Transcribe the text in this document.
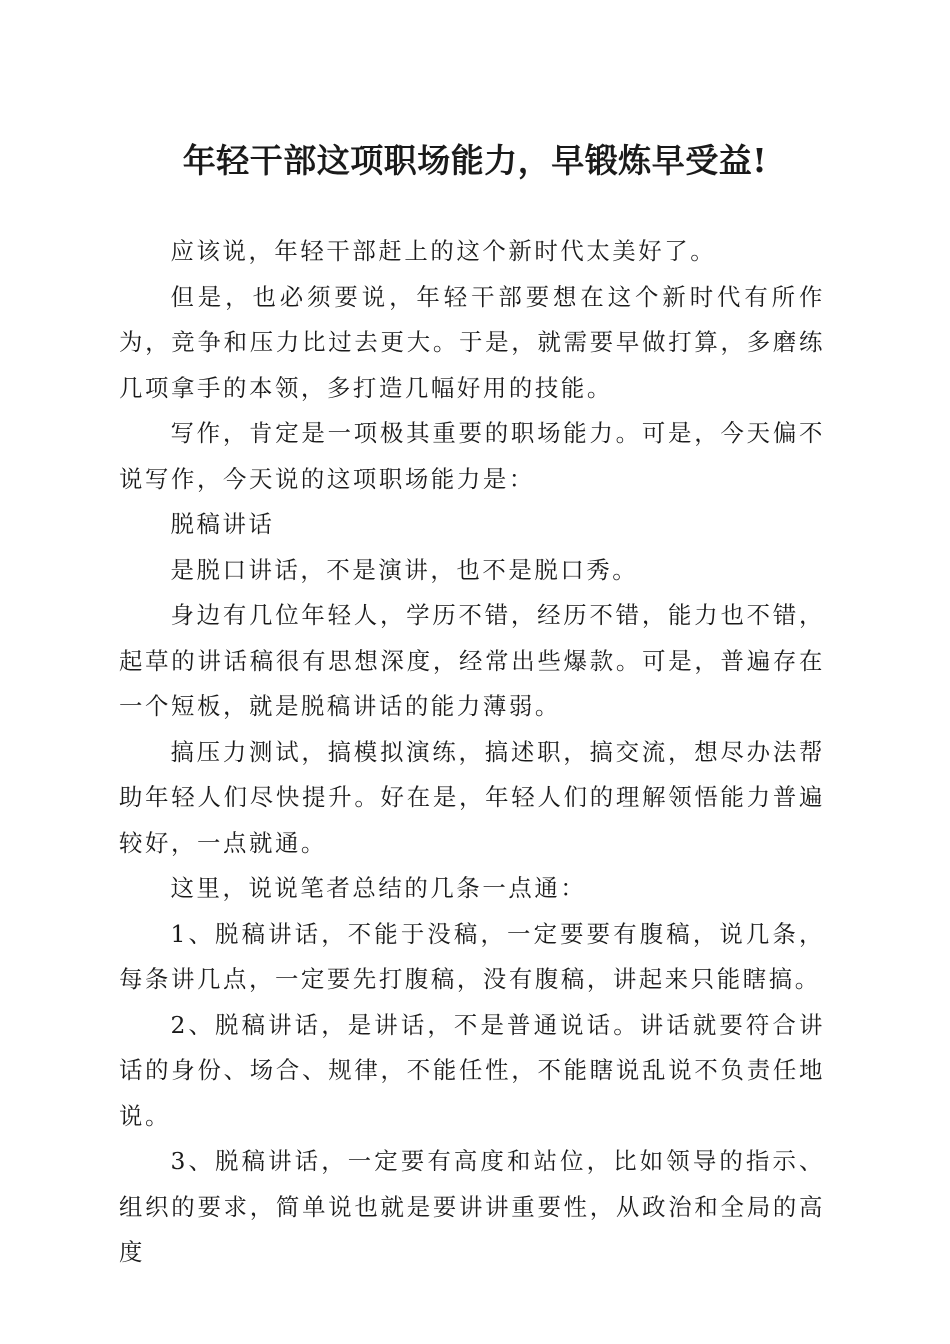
年轻干部这项职场能力，早锻炼早受益!

应该说，年轻干部赶上的这个新时代太美好了。

但是，也必须要说，年轻干部要想在这个新时代有所作为，竞争和压力比过去更大。于是，就需要早做打算，多磨练几项拿手的本领，多打造几幅好用的技能。

写作，肯定是一项极其重要的职场能力。可是，今天偏不说写作，今天说的这项职场能力是：

脱稿讲话

是脱口讲话，不是演讲，也不是脱口秀。

身边有几位年轻人，学历不错，经历不错，能力也不错，起草的讲话稿很有思想深度，经常出些爆款。可是，普遍存在一个短板，就是脱稿讲话的能力薄弱。

搞压力测试，搞模拟演练，搞述职，搞交流，想尽办法帮助年轻人们尽快提升。好在是，年轻人们的理解领悟能力普遍较好，一点就通。

这里，说说笔者总结的几条一点通：

1、脱稿讲话，不能于没稿，一定要要有腹稿，说几条，每条讲几点，一定要先打腹稿，没有腹稿，讲起来只能瞎搞。

2、脱稿讲话，是讲话，不是普通说话。讲话就要符合讲话的身份、场合、规律，不能任性，不能瞎说乱说不负责任地说。

3、脱稿讲话，一定要有高度和站位，比如领导的指示、组织的要求，简单说也就是要讲讲重要性，从政治和全局的高度
